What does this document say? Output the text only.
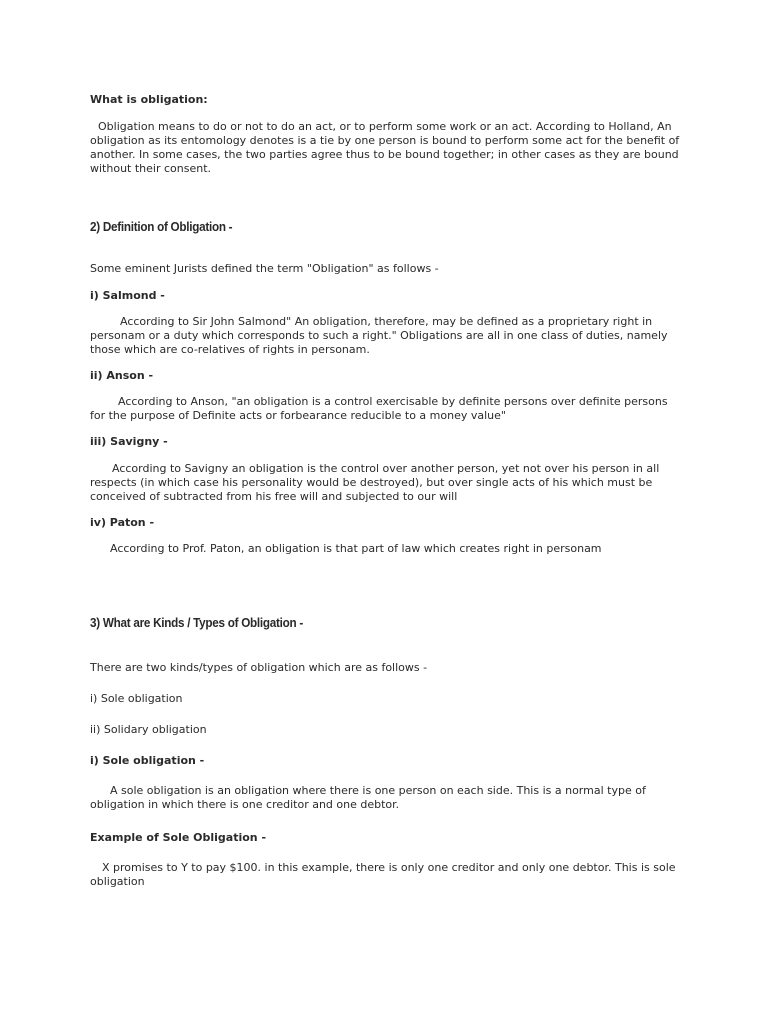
What is obligation:

Obligation means to do or not to do an act, or to perform some work or an act. According to Holland, An obligation as its entomology denotes is a tie by one person is bound to perform some act for the benefit of another. In some cases, the two parties agree thus to be bound together; in other cases as they are bound without their consent.

2) Definition of Obligation -

Some eminent Jurists defined the term "Obligation" as follows -

i) Salmond -

According to Sir John Salmond" An obligation, therefore, may be defined as a proprietary right in personam or a duty which corresponds to such a right." Obligations are all in one class of duties, namely those which are co-relatives of rights in personam.

ii) Anson -

According to Anson, "an obligation is a control exercisable by definite persons over definite persons for the purpose of Definite acts or forbearance reducible to a money value"

iii) Savigny -

According to Savigny an obligation is the control over another person, yet not over his person in all respects (in which case his personality would be destroyed), but over single acts of his which must be conceived of subtracted from his free will and subjected to our will

iv) Paton -

According to Prof. Paton, an obligation is that part of law which creates right in personam

3) What are Kinds / Types of Obligation -

There are two kinds/types of obligation which are as follows -

i) Sole obligation

ii) Solidary obligation

i) Sole obligation -

A sole obligation is an obligation where there is one person on each side. This is a normal type of obligation in which there is one creditor and one debtor.

Example of Sole Obligation -

X promises to Y to pay $100. in this example, there is only one creditor and only one debtor. This is sole obligation
